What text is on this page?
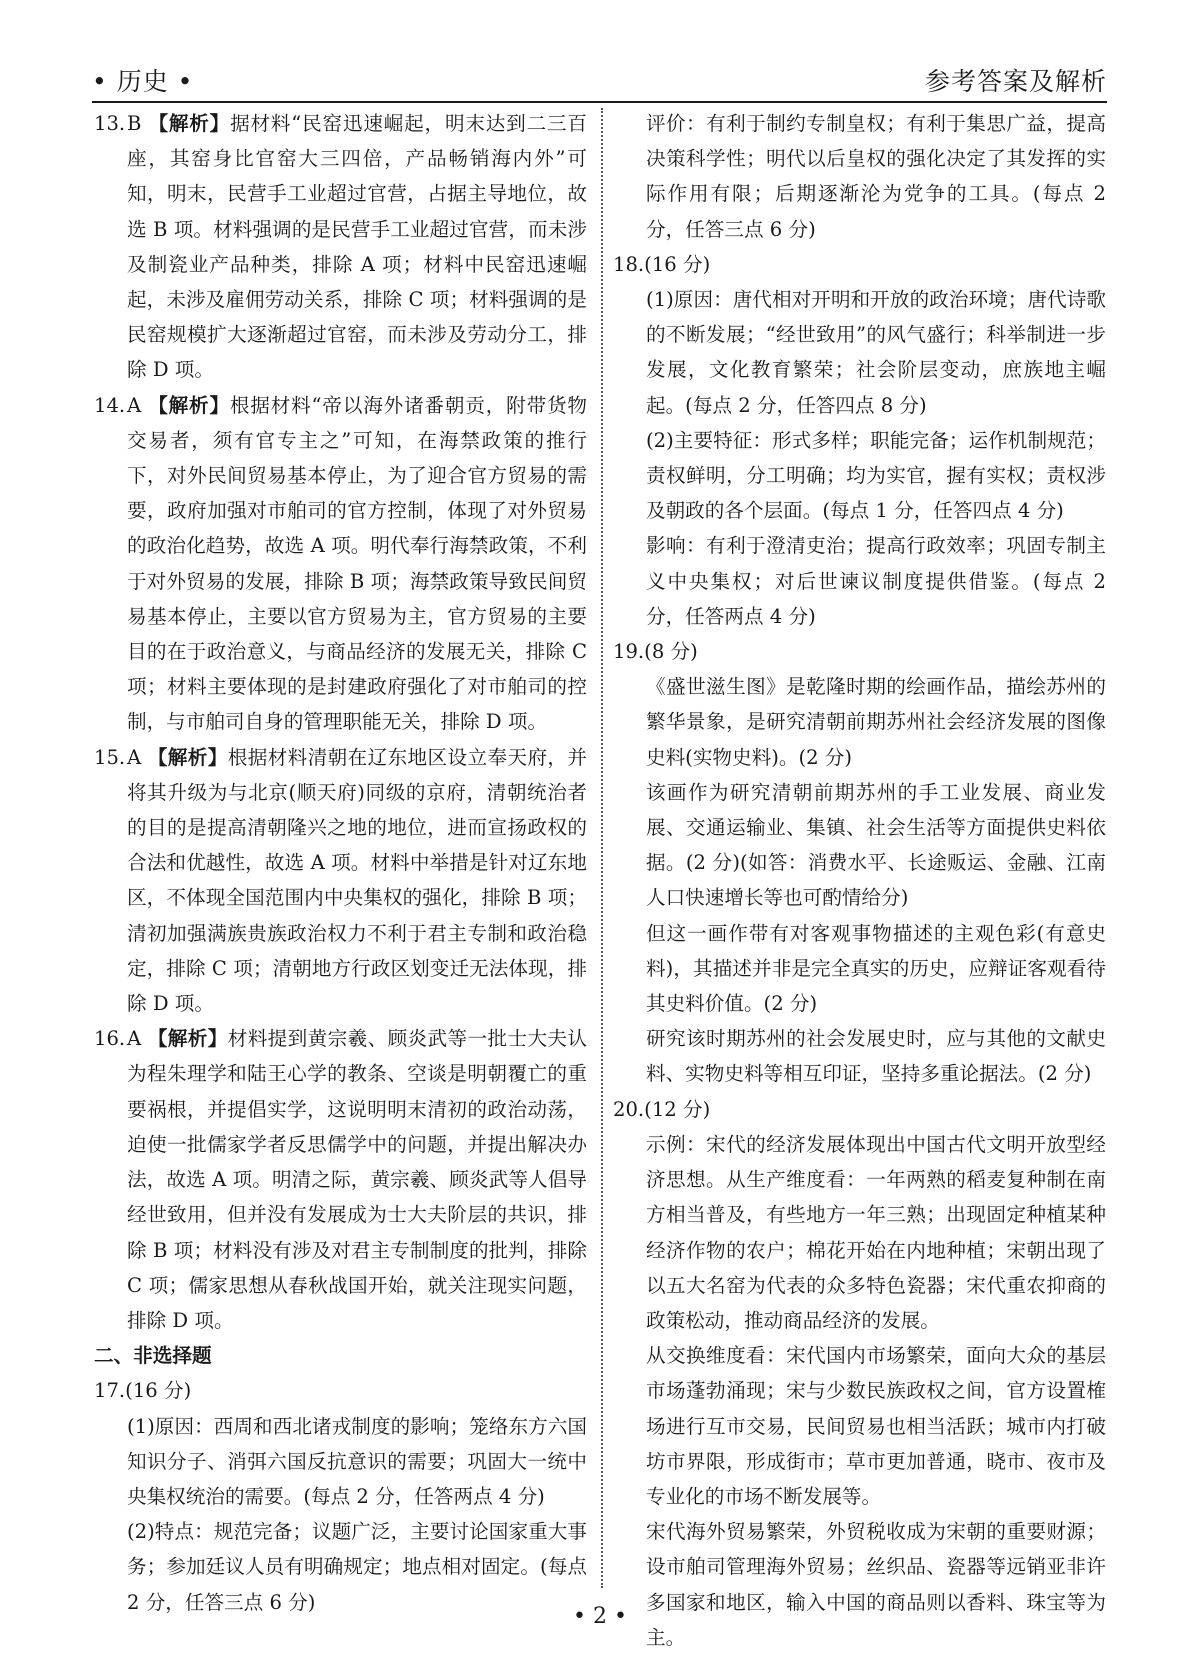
• 历史 •	参考答案及解析

13.B 【解析】据材料“民窑迅速崛起，明末达到二三百座，其窑身比官窑大三四倍，产品畅销海内外”可知，明末，民营手工业超过官营，占据主导地位，故选 B 项。材料强调的是民营手工业超过官营，而未涉及制瓷业产品种类，排除 A 项；材料中民窑迅速崛起，未涉及雇佣劳动关系，排除 C 项；材料强调的是民窑规模扩大逐渐超过官窑，而未涉及劳动分工，排除 D 项。

14.A 【解析】根据材料“帝以海外诸番朝贡，附带货物交易者，须有官专主之”可知，在海禁政策的推行下，对外民间贸易基本停止，为了迎合官方贸易的需要，政府加强对市舶司的官方控制，体现了对外贸易的政治化趋势，故选 A 项。明代奉行海禁政策，不利于对外贸易的发展，排除 B 项；海禁政策导致民间贸易基本停止，主要以官方贸易为主，官方贸易的主要目的在于政治意义，与商品经济的发展无关，排除 C 项；材料主要体现的是封建政府强化了对市舶司的控制，与市舶司自身的管理职能无关，排除 D 项。

15.A 【解析】根据材料清朝在辽东地区设立奉天府，并将其升级为与北京(顺天府)同级的京府，清朝统治者的目的是提高清朝隆兴之地的地位，进而宣扬政权的合法和优越性，故选 A 项。材料中举措是针对辽东地区，不体现全国范围内中央集权的强化，排除 B 项；清初加强满族贵族政治权力不利于君主专制和政治稳定，排除 C 项；清朝地方行政区划变迁无法体现，排除 D 项。

16.A 【解析】材料提到黄宗羲、顾炎武等一批士大夫认为程朱理学和陆王心学的教条、空谈是明朝覆亡的重要祸根，并提倡实学，这说明明末清初的政治动荡，迫使一批儒家学者反思儒学中的问题，并提出解决办法，故选 A 项。明清之际，黄宗羲、顾炎武等人倡导经世致用，但并没有发展成为士大夫阶层的共识，排除 B 项；材料没有涉及对君主专制制度的批判，排除 C 项；儒家思想从春秋战国开始，就关注现实问题，排除 D 项。

二、非选择题

17.(16 分)

(1)原因：西周和西北诸戎制度的影响；笼络东方六国知识分子、消弭六国反抗意识的需要；巩固大一统中央集权统治的需要。(每点 2 分，任答两点 4 分)

(2)特点：规范完备；议题广泛，主要讨论国家重大事务；参加廷议人员有明确规定；地点相对固定。(每点 2 分，任答三点 6 分)

评价：有利于制约专制皇权；有利于集思广益，提高决策科学性；明代以后皇权的强化决定了其发挥的实际作用有限；后期逐渐沦为党争的工具。(每点 2 分，任答三点 6 分)

18.(16 分)

(1)原因：唐代相对开明和开放的政治环境；唐代诗歌的不断发展；“经世致用”的风气盛行；科举制进一步发展，文化教育繁荣；社会阶层变动，庶族地主崛起。(每点 2 分，任答四点 8 分)

(2)主要特征：形式多样；职能完备；运作机制规范；责权鲜明，分工明确；均为实官，握有实权；责权涉及朝政的各个层面。(每点 1 分，任答四点 4 分)

影响：有利于澄清吏治；提高行政效率；巩固专制主义中央集权；对后世谏议制度提供借鉴。(每点 2 分，任答两点 4 分)

19.(8 分)

《盛世滋生图》是乾隆时期的绘画作品，描绘苏州的繁华景象，是研究清朝前期苏州社会经济发展的图像史料(实物史料)。(2 分)

该画作为研究清朝前期苏州的手工业发展、商业发展、交通运输业、集镇、社会生活等方面提供史料依据。(2 分)(如答：消费水平、长途贩运、金融、江南人口快速增长等也可酌情给分)

但这一画作带有对客观事物描述的主观色彩(有意史料)，其描述并非是完全真实的历史，应辩证客观看待其史料价值。(2 分)

研究该时期苏州的社会发展史时，应与其他的文献史料、实物史料等相互印证，坚持多重论据法。(2 分)

20.(12 分)

示例：宋代的经济发展体现出中国古代文明开放型经济思想。从生产维度看：一年两熟的稻麦复种制在南方相当普及，有些地方一年三熟；出现固定种植某种经济作物的农户；棉花开始在内地种植；宋朝出现了以五大名窑为代表的众多特色瓷器；宋代重农抑商的政策松动，推动商品经济的发展。

从交换维度看：宋代国内市场繁荣，面向大众的基层市场蓬勃涌现；宋与少数民族政权之间，官方设置榷场进行互市交易，民间贸易也相当活跃；城市内打破坊市界限，形成街市；草市更加普通，晓市、夜市及专业化的市场不断发展等。

宋代海外贸易繁荣，外贸税收成为宋朝的重要财源；设市舶司管理海外贸易；丝织品、瓷器等远销亚非许多国家和地区，输入中国的商品则以香料、珠宝等为主。

• 2 •
